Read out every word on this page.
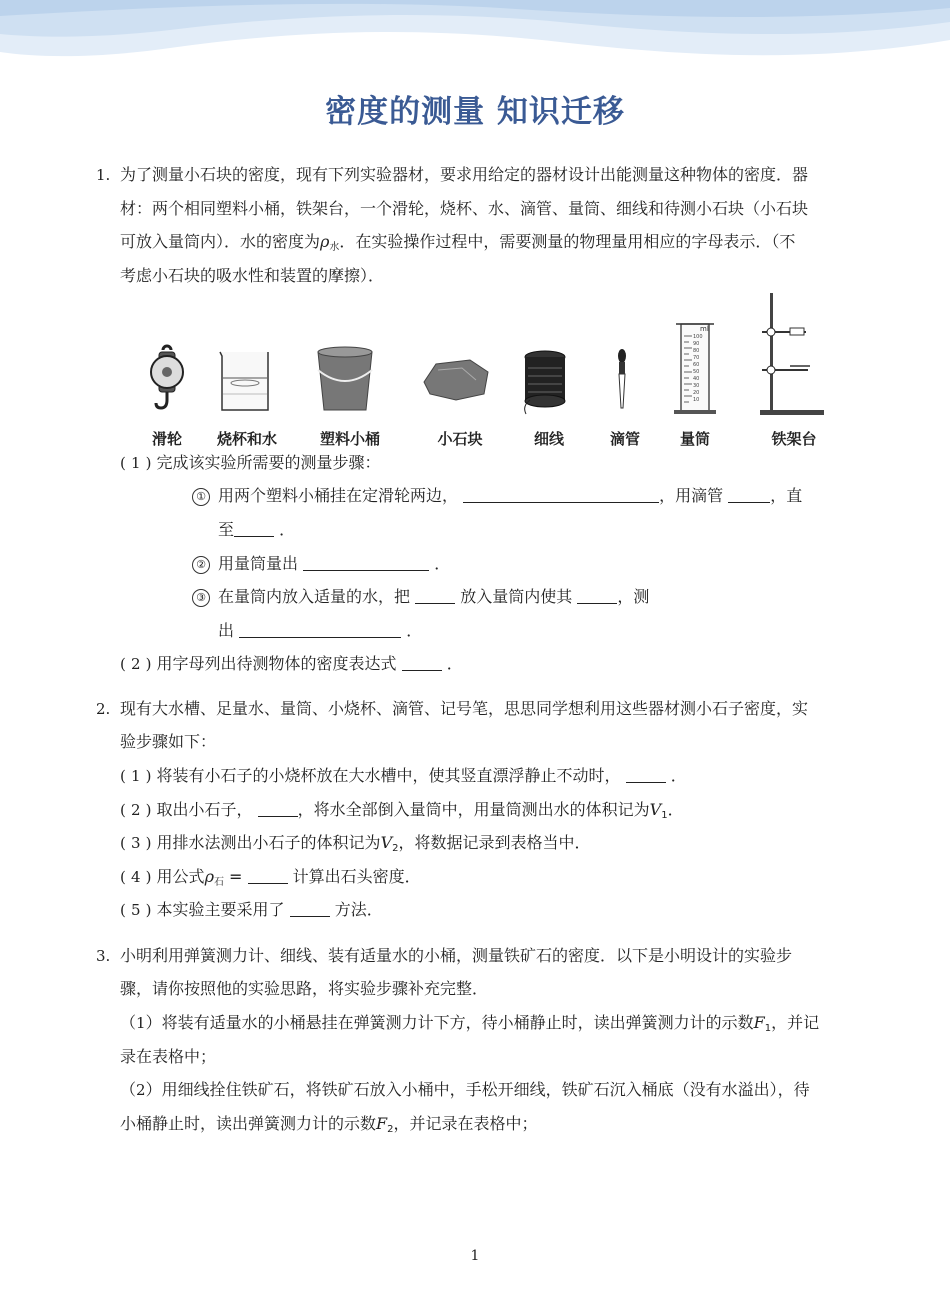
密度的测量 知识迁移
1. 为了测量小石块的密度，现有下列实验器材，要求用给定的器材设计出能测量这种物体的密度．器
材：两个相同塑料小桶，铁架台，一个滑轮，烧杯、水、滴管、量筒、细线和待测小石块（小石块
可放入量筒内）．水的密度为$\rho_水$．在实验操作过程中，需要测量的物理量用相应的字母表示．（不
考虑小石块的吸水性和装置的摩擦）．
ml
100
90
80
70
60
50
40
30
20
10
滑轮 烧杯和水	塑料小桶	小石块	细线	滴管	量筒	铁架台
( 1 ) 完成该实验所需要的测量步骤：
① 用两个塑料小桶挂在定滑轮两边，	，用滴管	，直
至	．
② 用量筒量出	．
③ 在量筒内放入适量的水，把	放入量筒内使其	，测
出	．
( 2 ) 用字母列出待测物体的密度表达式	．
2. 现有大水槽、足量水、量筒、小烧杯、滴管、记号笔，思思同学想利用这些器材测小石子密度，实
验步骤如下：
( 1 ) 将装有小石子的小烧杯放在大水槽中，使其竖直漂浮静止不动时，	．
( 2 ) 取出小石子，	，将水全部倒入量筒中，用量筒测出水的体积记为$V_1$．
( 3 ) 用排水法测出小石子的体积记为$V_2$，将数据记录到表格当中．
( 4 ) 用公式$\rho_石$ =	计算出石头密度．
( 5 ) 本实验主要采用了	方法．
3. 小明利用弹簧测力计、细线、装有适量水的小桶，测量铁矿石的密度．以下是小明设计的实验步
骤，请你按照他的实验思路，将实验步骤补充完整．
（1）将装有适量水的小桶悬挂在弹簧测力计下方，待小桶静止时，读出弹簧测力计的示数$F_1$，并记
录在表格中；
（2）用细线拴住铁矿石，将铁矿石放入小桶中，手松开细线，铁矿石沉入桶底（没有水溢出），待
小桶静止时，读出弹簧测力计的示数$F_2$，并记录在表格中；
1
